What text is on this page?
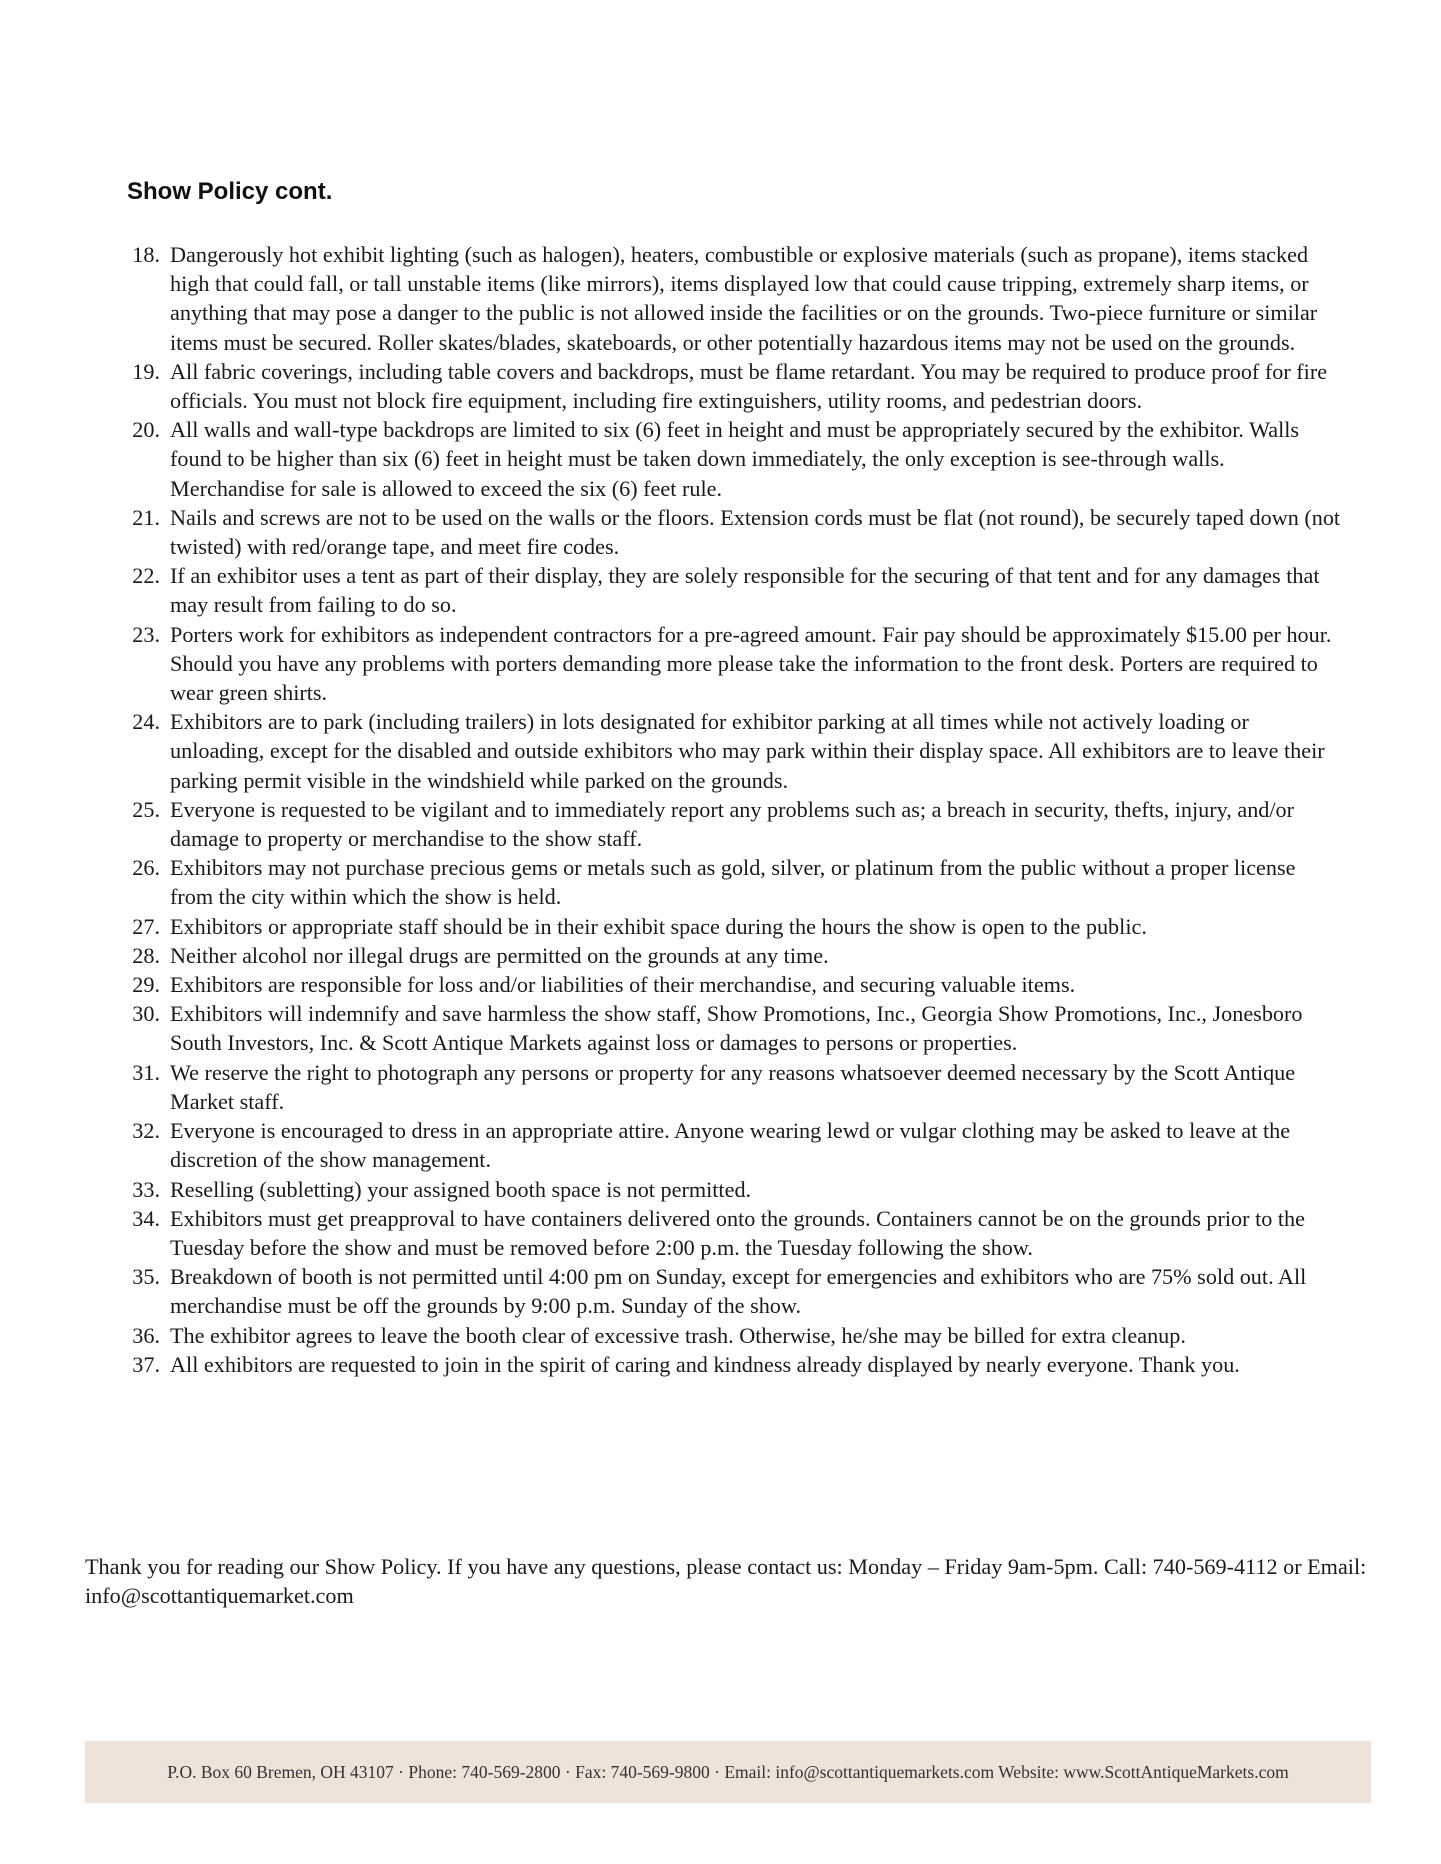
Show Policy cont.
18. Dangerously hot exhibit lighting (such as halogen), heaters, combustible or explosive materials (such as propane), items stacked high that could fall, or tall unstable items (like mirrors), items displayed low that could cause tripping, extremely sharp items, or anything that may pose a danger to the public is not allowed inside the facilities or on the grounds. Two-piece furniture or similar items must be secured. Roller skates/blades, skateboards, or other potentially hazardous items may not be used on the grounds.
19. All fabric coverings, including table covers and backdrops, must be flame retardant. You may be required to produce proof for fire officials. You must not block fire equipment, including fire extinguishers, utility rooms, and pedestrian doors.
20. All walls and wall-type backdrops are limited to six (6) feet in height and must be appropriately secured by the exhibitor. Walls found to be higher than six (6) feet in height must be taken down immediately, the only exception is see-through walls. Merchandise for sale is allowed to exceed the six (6) feet rule.
21. Nails and screws are not to be used on the walls or the floors. Extension cords must be flat (not round), be securely taped down (not twisted) with red/orange tape, and meet fire codes.
22. If an exhibitor uses a tent as part of their display, they are solely responsible for the securing of that tent and for any damages that may result from failing to do so.
23. Porters work for exhibitors as independent contractors for a pre-agreed amount. Fair pay should be approximately $15.00 per hour. Should you have any problems with porters demanding more please take the information to the front desk. Porters are required to wear green shirts.
24. Exhibitors are to park (including trailers) in lots designated for exhibitor parking at all times while not actively loading or unloading, except for the disabled and outside exhibitors who may park within their display space. All exhibitors are to leave their parking permit visible in the windshield while parked on the grounds.
25. Everyone is requested to be vigilant and to immediately report any problems such as; a breach in security, thefts, injury, and/or damage to property or merchandise to the show staff.
26. Exhibitors may not purchase precious gems or metals such as gold, silver, or platinum from the public without a proper license from the city within which the show is held.
27. Exhibitors or appropriate staff should be in their exhibit space during the hours the show is open to the public.
28. Neither alcohol nor illegal drugs are permitted on the grounds at any time.
29. Exhibitors are responsible for loss and/or liabilities of their merchandise, and securing valuable items.
30. Exhibitors will indemnify and save harmless the show staff, Show Promotions, Inc., Georgia Show Promotions, Inc., Jonesboro South Investors, Inc. & Scott Antique Markets against loss or damages to persons or properties.
31. We reserve the right to photograph any persons or property for any reasons whatsoever deemed necessary by the Scott Antique Market staff.
32. Everyone is encouraged to dress in an appropriate attire. Anyone wearing lewd or vulgar clothing may be asked to leave at the discretion of the show management.
33. Reselling (subletting) your assigned booth space is not permitted.
34. Exhibitors must get preapproval to have containers delivered onto the grounds. Containers cannot be on the grounds prior to the Tuesday before the show and must be removed before 2:00 p.m. the Tuesday following the show.
35. Breakdown of booth is not permitted until 4:00 pm on Sunday, except for emergencies and exhibitors who are 75% sold out. All merchandise must be off the grounds by 9:00 p.m. Sunday of the show.
36. The exhibitor agrees to leave the booth clear of excessive trash. Otherwise, he/she may be billed for extra cleanup.
37. All exhibitors are requested to join in the spirit of caring and kindness already displayed by nearly everyone. Thank you.

Thank you for reading our Show Policy. If you have any questions, please contact us: Monday – Friday 9am-5pm. Call: 740-569-4112 or Email: info@scottantiquemarket.com

P.O. Box 60 Bremen, OH 43107 · Phone: 740-569-2800 · Fax: 740-569-9800 · Email: info@scottantiquemarkets.com Website: www.ScottAntiqueMarkets.com
